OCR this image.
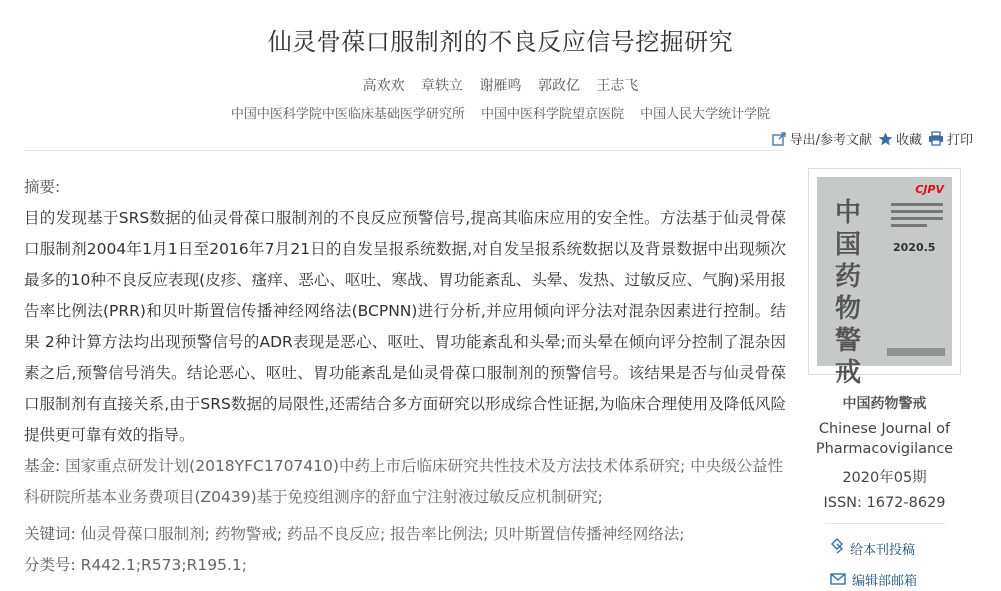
仙灵骨葆口服制剂的不良反应信号挖掘研究
高欢欢 章轶立 谢雁鸣 郭政亿 王志飞
中国中医科学院中医临床基础医学研究所 中国中医科学院望京医院 中国人民大学统计学院
导出/参考文献 收藏 打印
摘要:
目的发现基于SRS数据的仙灵骨葆口服制剂的不良反应预警信号,提高其临床应用的安全性。方法基于仙灵骨葆口服制剂2004年1月1日至2016年7月21日的自发呈报系统数据,对自发呈报系统数据以及背景数据中出现频次最多的10种不良反应表现(皮疹、瘙痒、恶心、呕吐、寒战、胃功能紊乱、头晕、发热、过敏反应、气胸)采用报告率比例法(PRR)和贝叶斯置信传播神经网络法(BCPNN)进行分析,并应用倾向评分法对混杂因素进行控制。结果 2种计算方法均出现预警信号的ADR表现是恶心、呕吐、胃功能紊乱和头晕;而头晕在倾向评分控制了混杂因素之后,预警信号消失。结论恶心、呕吐、胃功能紊乱是仙灵骨葆口服制剂的预警信号。该结果是否与仙灵骨葆口服制剂有直接关系,由于SRS数据的局限性,还需结合多方面研究以形成综合性证据,为临床合理使用及降低风险提供更可靠有效的指导。
基金: 国家重点研发计划(2018YFC1707410)中药上市后临床研究共性技术及方法技术体系研究; 中央级公益性科研院所基本业务费项目(Z0439)基于免疫组测序的舒血宁注射液过敏反应机制研究;
关键词: 仙灵骨葆口服制剂; 药物警戒; 药品不良反应; 报告率比例法; 贝叶斯置信传播神经网络法;
分类号: R442.1;R573;R195.1;
CJPV
中国药物警戒
2020.5
中国药物警戒
Chinese Journal of Pharmacovigilance
2020年05期
ISSN: 1672-8629
给本刊投稿
编辑部邮箱
